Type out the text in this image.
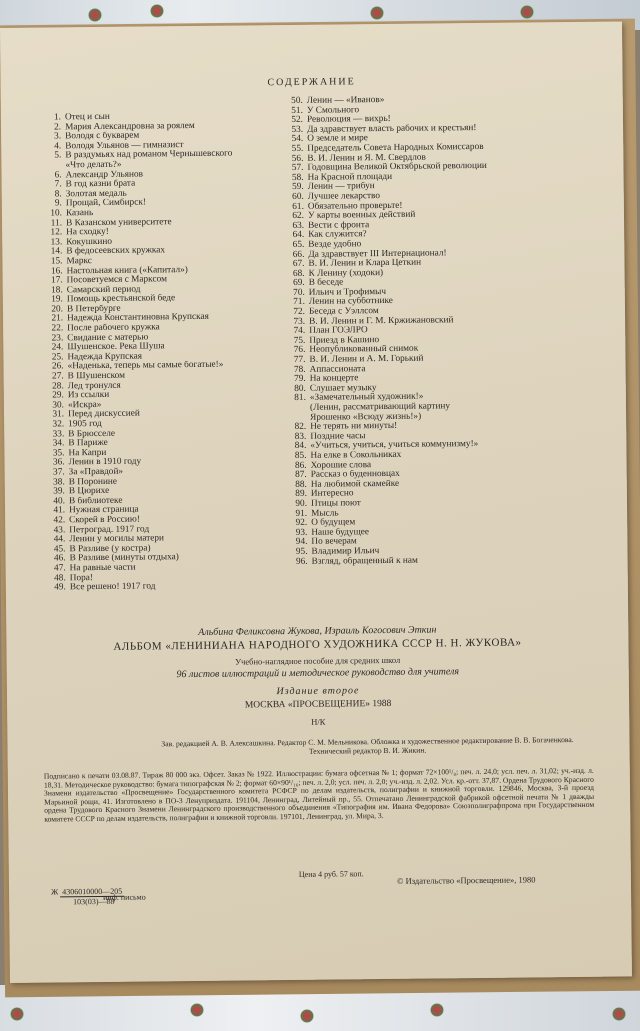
СОДЕРЖАНИЕ
1. Отец и сын
2. Мария Александровна за роялем
3. Володя с букварем
4. Володя Ульянов — гимназист
5. В раздумьях над романом Чернышевского
«Что делать?»
6. Александр Ульянов
7. В год казни брата
8. Золотая медаль
9. Прощай, Симбирск!
10. Казань
11. В Казанском университете
12. На сходку!
13. Кокушкино
14. В федосеевских кружках
15. Маркс
16. Настольная книга («Капитал»)
17. Посоветуемся с Марксом
18. Самарский период
19. Помощь крестьянской беде
20. В Петербурге
21. Надежда Константиновна Крупская
22. После рабочего кружка
23. Свидание с матерью
24. Шушенское. Река Шуша
25. Надежда Крупская
26. «Наденька, теперь мы самые богатые!»
27. В Шушенском
28. Лед тронулся
29. Из ссылки
30. «Искра»
31. Перед дискуссией
32. 1905 год
33. В Брюсселе
34. В Париже
35. На Капри
36. Ленин в 1910 году
37. За «Правдой»
38. В Поронине
39. В Цюрихе
40. В библиотеке
41. Нужная страница
42. Скорей в Россию!
43. Петроград. 1917 год
44. Ленин у могилы матери
45. В Разливе (у костра)
46. В Разливе (минуты отдыха)
47. На равные части
48. Пора!
49. Все решено! 1917 год
50. Ленин — «Иванов»
51. У Смольного
52. Революция — вихрь!
53. Да здравствует власть рабочих и крестьян!
54. О земле и мире
55. Председатель Совета Народных Комиссаров
56. В. И. Ленин и Я. М. Свердлов
57. Годовщина Великой Октябрьской революции
58. На Красной площади
59. Ленин — трибун
60. Лучшее лекарство
61. Обязательно проверьте!
62. У карты военных действий
63. Вести с фронта
64. Как служится?
65. Везде удобно
66. Да здравствует III Интернационал!
67. В. И. Ленин и Клара Цеткин
68. К Ленину (ходоки)
69. В беседе
70. Ильич и Трофимыч
71. Ленин на субботнике
72. Беседа с Уэллсом
73. В. И. Ленин и Г. М. Кржижановский
74. План ГОЭЛРО
75. Приезд в Кашино
76. Неопубликованный снимок
77. В. И. Ленин и А. М. Горький
78. Аппассионата
79. На концерте
80. Слушает музыку
81. «Замечательный художник!»
(Ленин, рассматривающий картину
Ярошенко «Всюду жизнь!»)
82. Не терять ни минуты!
83. Поздние часы
84. «Учиться, учиться, учиться коммунизму!»
85. На елке в Сокольниках
86. Хорошие слова
87. Рассказ о буденновцах
88. На любимой скамейке
89. Интересно
90. Птицы поют
91. Мысль
92. О будущем
93. Наше будущее
94. По вечерам
95. Владимир Ильич
96. Взгляд, обращенный к нам
Альбина Феликсовна Жукова, Израиль Когосович Эткин
АЛЬБОМ «ЛЕНИНИАНА НАРОДНОГО ХУДОЖНИКА СССР Н. Н. ЖУКОВА»
Учебно-наглядное пособие для средних школ
96 листов иллюстраций и методическое руководство для учителя
Издание второе
МОСКВА «ПРОСВЕЩЕНИЕ» 1988
Н/К
Зав. редакцией А. В. Алексашкина. Редактор С. М. Мельникова. Обложка и художественное редактирование В. В. Богаченкова. Технический редактор В. И. Жикин.
Подписано к печати 03.08.87. Тираж 80 000 экз. Офсет. Заказ № 1922. Иллюстрации: бумага офсетная № 1; формат 72×100¹/₈; печ. л. 24,0; усл. печ. л. 31,02; уч.-изд. л. 18,31. Методическое руководство: бумага типографская № 2; формат 60×90¹/₁₆; печ. л. 2,0; усл. печ. л. 2,0; уч.-изд. л. 2,02. Усл. кр.-отт. 37,87. Ордена Трудового Красного Знамени издательство «Просвещение» Государственного комитета РСФСР по делам издательств, полиграфии и книжной торговли. 129846, Москва, 3-й проезд Марьиной рощи, 41. Изготовлено в ПО-3 Ленуприздата. 191104, Ленинград, Литейный пр., 55. Отпечатано Ленинградской фабрикой офсетной печати № 1 дважды ордена Трудового Красного Знамени Ленинградского производственного объединения «Типография им. Ивана Федорова» Союзполиграфпрома при Государственном комитете СССР по делам издательств, полиграфии и книжной торговли. 197101, Ленинград, ул. Мира, 3.
Цена 4 руб. 57 коп.
© Издательство «Просвещение», 1980
Ж 4306010000—205
103(03)—88
инф. письмо
